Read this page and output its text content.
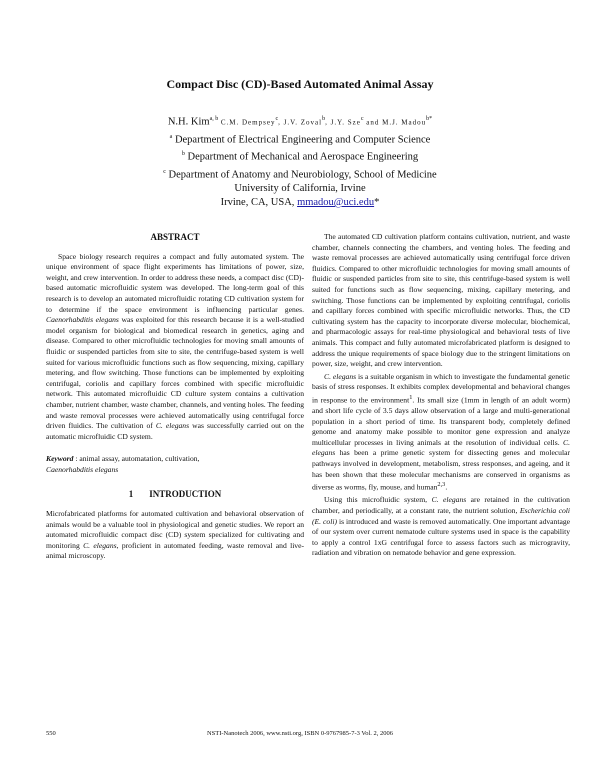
Compact Disc (CD)-Based Automated Animal Assay
N.H. Kim$^{a, b}$ C.M. Dempsey$^c$, J.V. Zoval$^b$, J.Y. Sze$^c$ and M.J. Madou$^{b*}$
$^a$ Department of Electrical Engineering and Computer Science
$^b$ Department of Mechanical and Aerospace Engineering
$^c$ Department of Anatomy and Neurobiology, School of Medicine
University of California, Irvine
Irvine, CA, USA, mmadou@uci.edu*
ABSTRACT

Space biology research requires a compact and fully automated system. The unique environment of space flight experiments has limitations of power, size, weight, and crew intervention. In order to address these needs, a compact disc (CD)-based automatic microfluidic system was developed. The long-term goal of this research is to develop an automated microfluidic rotating CD cultivation system for to determine if the space environment is influencing particular genes. Caenorhabditis elegans was exploited for this research because it is a well-studied model organism for biological and biomedical research in genetics, aging and disease. Compared to other microfluidic technologies for moving small amounts of fluidic or suspended particles from site to site, the centrifuge-based system is well suited for various microfluidic functions such as flow sequencing, mixing, capillary metering, and flow switching. Those functions can be implemented by exploiting centrifugal, coriolis and capillary forces combined with specific microfluidic network. This automated microfluidic CD culture system contains a cultivation chamber, nutrient chamber, waste chamber, channels, and venting holes. The feeding and waste removal processes were achieved automatically using centrifugal force driven fluidics. The cultivation of C. elegans was successfully carried out on the automatic microfluidic CD system.

Keyword : animal assay, automatation, cultivation,
Caenorhabditis elegans
1 INTRODUCTION

Microfabricated platforms for automated cultivation and behavioral observation of animals would be a valuable tool in physiological and genetic studies. We report an automated microfluidic compact disc (CD) system specialized for cultivating and monitoring C. elegans, proficient in automated feeding, waste removal and live-animal microscopy.

The automated CD cultivation platform contains cultivation, nutrient, and waste chamber, channels connecting the chambers, and venting holes. The feeding and waste removal processes are achieved automatically using centrifugal force driven fluidics. Compared to other microfluidic technologies for moving small amounts of fluidic or suspended particles from site to site, this centrifuge-based system is well suited for functions such as flow sequencing, mixing, capillary metering, and switching. Those functions can be implemented by exploiting centrifugal, coriolis and capillary forces combined with specific microfluidic networks. Thus, the CD cultivating system has the capacity to incorporate diverse molecular, biochemical, and pharmacologic assays for real-time physiological and behavioral tests of live animals. This compact and fully automated microfabricated platform is designed to address the unique requirements of space biology due to the stringent limitations on power, size, weight, and crew intervention.

C. elegans is a suitable organism in which to investigate the fundamental genetic basis of stress responses. It exhibits complex developmental and behavioral changes in response to the environment$^1$. Its small size (1mm in length of an adult worm) and short life cycle of 3.5 days allow observation of a large and multi-generational population in a short period of time. Its transparent body, completely defined genome and anatomy make possible to monitor gene expression and analyze multicellular processes in living animals at the resolution of individual cells. C. elegans has been a prime genetic system for dissecting genes and molecular pathways involved in development, metabolism, stress responses, and ageing, and it has been shown that these molecular mechanisms are conserved in organisms as diverse as worms, fly, mouse, and human$^{2,3}$.

Using this microfluidic system, C. elegans are retained in the cultivation chamber, and periodically, at a constant rate, the nutrient solution, Escherichia coli (E. coli) is introduced and waste is removed automatically. One important advantage of our system over current nematode culture systems used in space is the capability to apply a control 1xG centrifugal force to assess factors such as microgravity, radiation and vibration on nematode behavior and gene expression.

NSTI-Nanotech 2006, www.nsti.org, ISBN 0-9767985-7-3 Vol. 2, 2006
550
